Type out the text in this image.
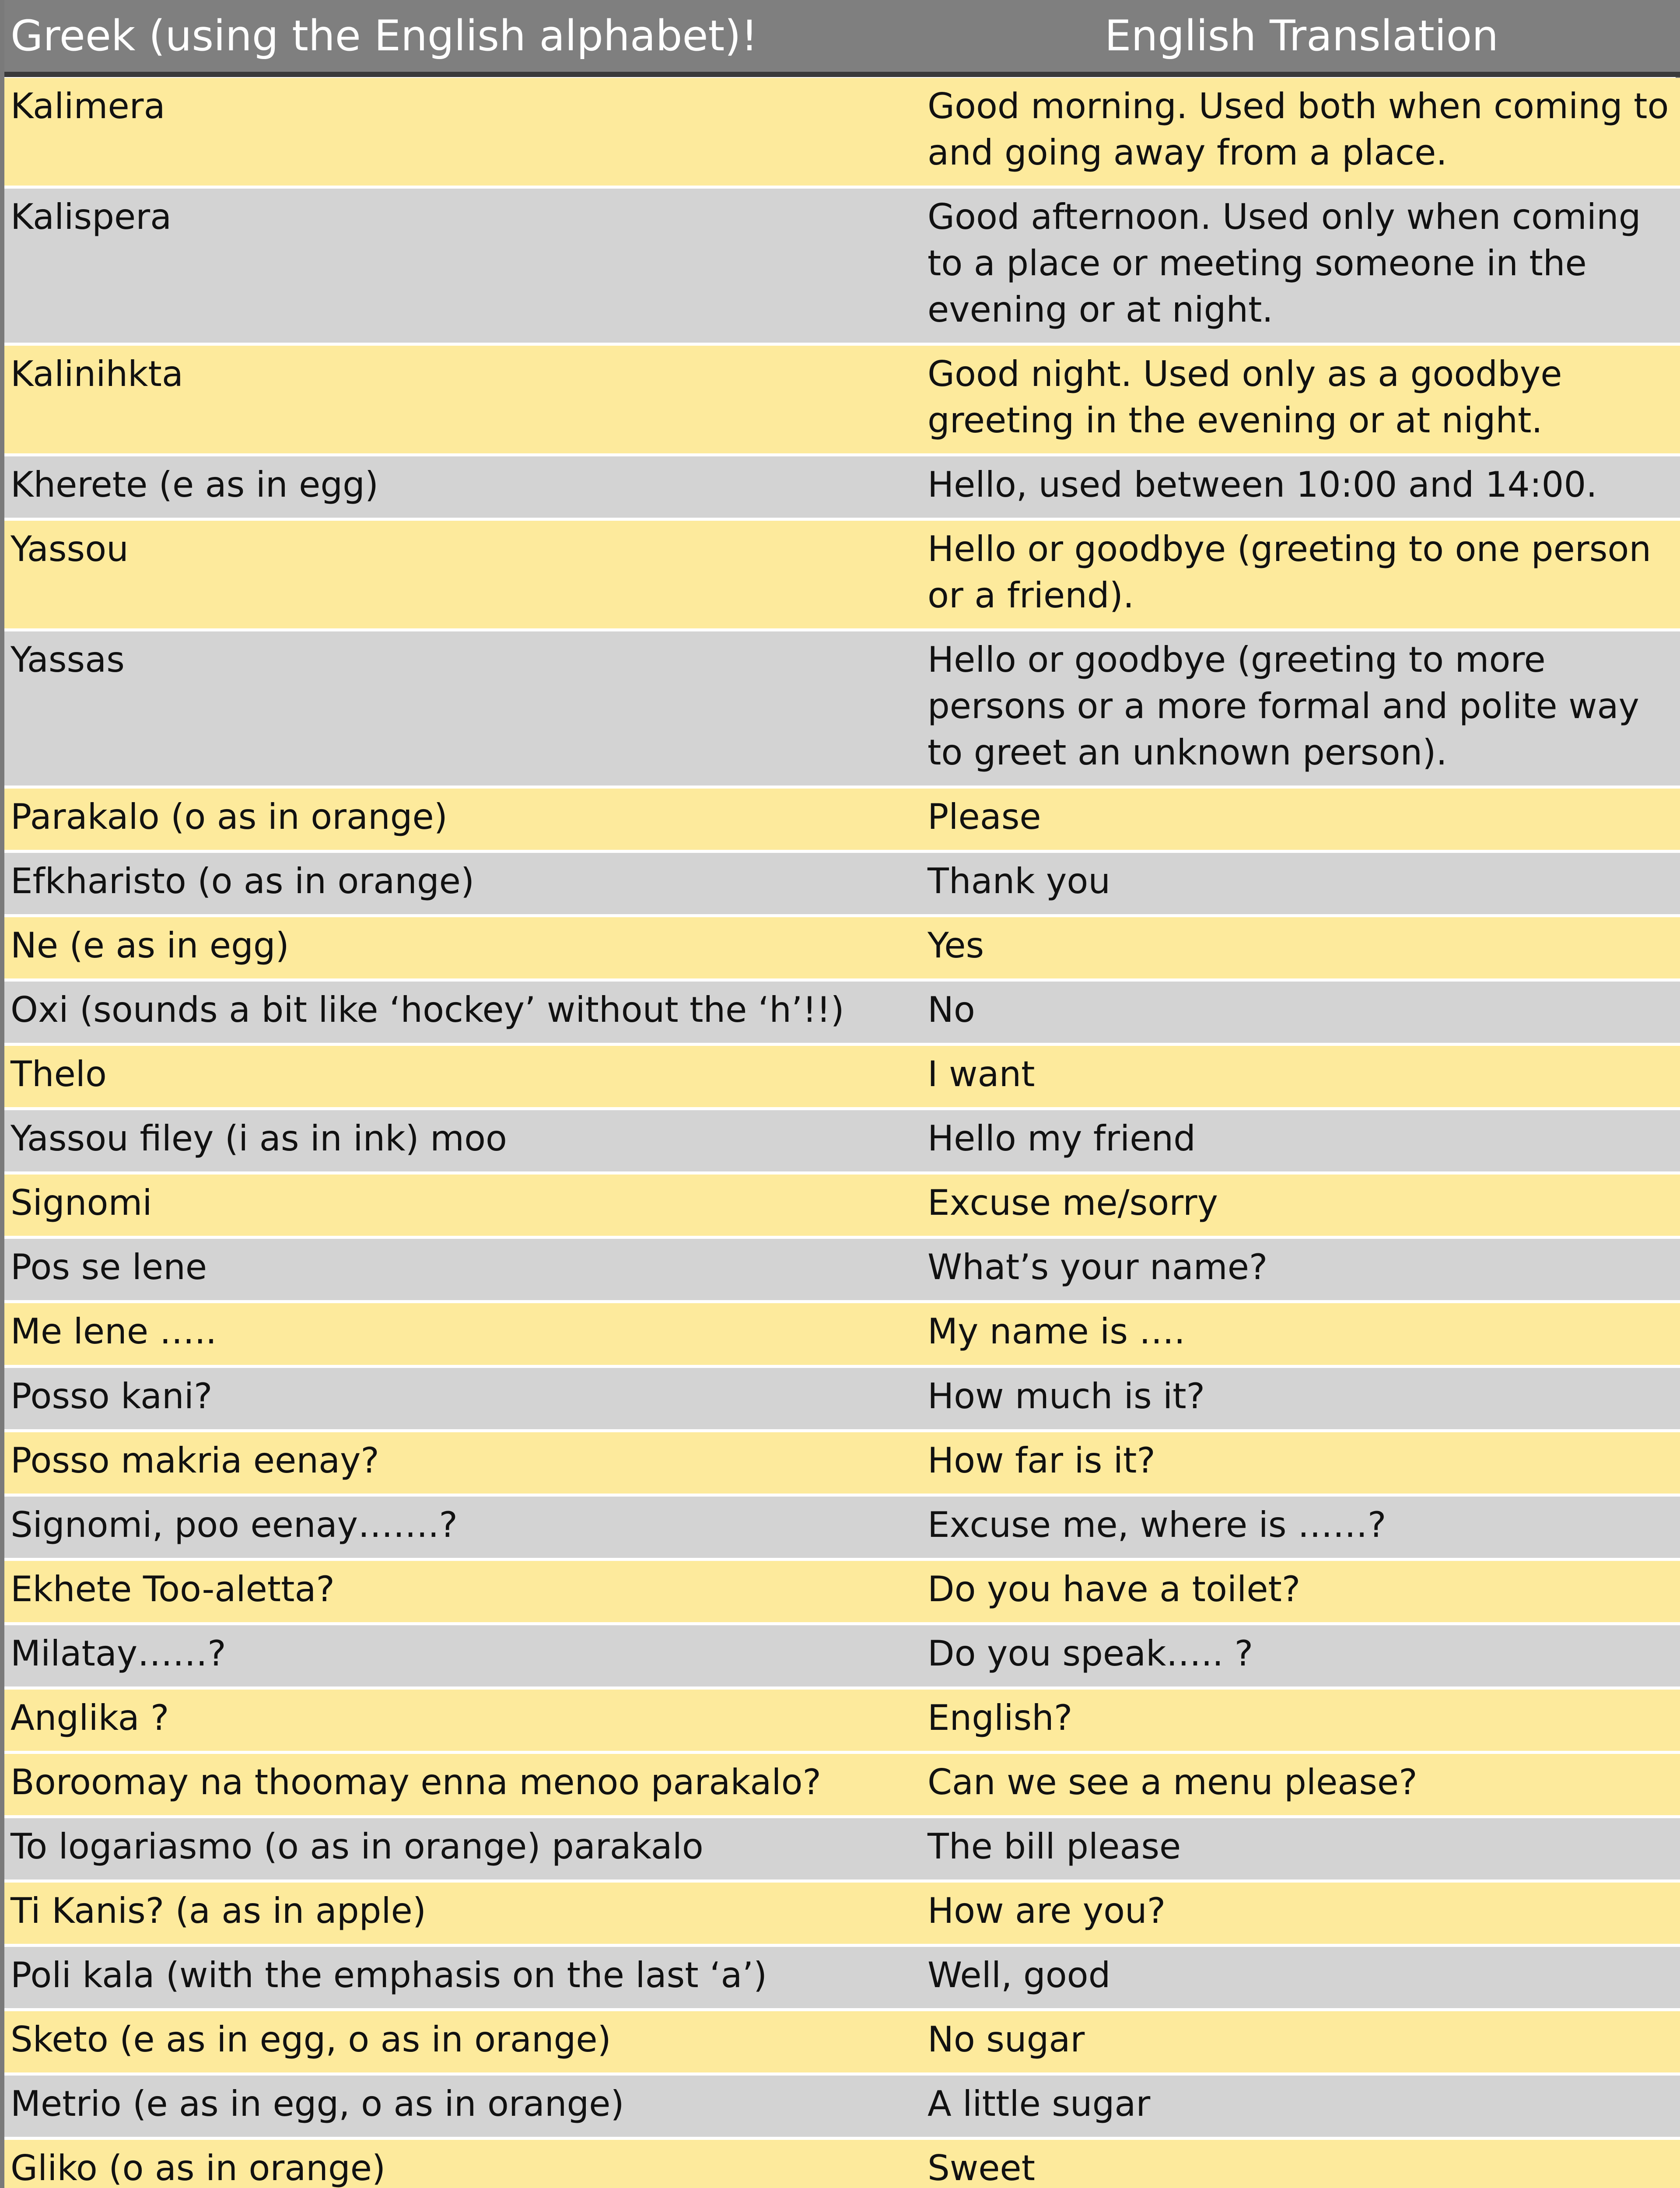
Greek (using the English alphabet)!	English Translation
Kalimera	Good morning. Used both when coming to and going away from a place.
Kalispera	Good afternoon. Used only when coming to a place or meeting someone in the evening or at night.
Kalinihkta	Good night. Used only as a goodbye greeting in the evening or at night.
Kherete (e as in egg)	Hello, used between 10:00 and 14:00.
Yassou	Hello or goodbye (greeting to one person or a friend).
Yassas	Hello or goodbye (greeting to more persons or a more formal and polite way to greet an unknown person).
Parakalo (o as in orange)	Please
Efkharisto (o as in orange)	Thank you
Ne (e as in egg)	Yes
Oxi (sounds a bit like ‘hockey’ without the ‘h’!!)	No
Thelo	I want
Yassou filey (i as in ink) moo	Hello my friend
Signomi	Excuse me/sorry
Pos se lene	What’s your name?
Me lene …..	My name is ….
Posso kani?	How much is it?
Posso makria eenay?	How far is it?
Signomi, poo eenay…….?	Excuse me, where is ……?
Ekhete Too-aletta?	Do you have a toilet?
Milatay……?	Do you speak….. ?
Anglika ?	English?
Boroomay na thoomay enna menoo parakalo?	Can we see a menu please?
To logariasmo (o as in orange) parakalo	The bill please
Ti Kanis? (a as in apple)	How are you?
Poli kala (with the emphasis on the last ‘a’)	Well, good
Sketo (e as in egg, o as in orange)	No sugar
Metrio (e as in egg, o as in orange)	A little sugar
Gliko (o as in orange)	Sweet
